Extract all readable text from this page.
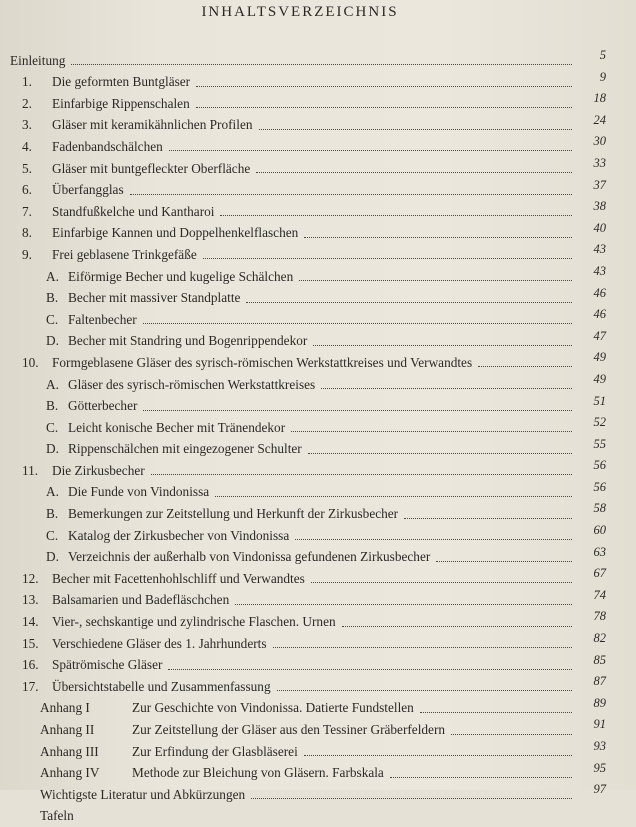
INHALTSVERZEICHNIS
Einleitung	5
1.	Die geformten Buntgläser	9
2.	Einfarbige Rippenschalen	18
3.	Gläser mit keramikähnlichen Profilen	24
4.	Fadenbandschälchen	30
5.	Gläser mit buntgefleckter Oberfläche	33
6.	Überfangglas	37
7.	Standfußkelche und Kantharoi	38
8.	Einfarbige Kannen und Doppelhenkelflaschen	40
9.	Frei geblasene Trinkgefäße	43
A. Eiförmige Becher und kugelige Schälchen	43
B. Becher mit massiver Standplatte	46
C. Faltenbecher	46
D. Becher mit Standring und Bogenrippendekor	47
10.	Formgeblasene Gläser des syrisch-römischen Werkstattkreises und Verwandtes	49
A. Gläser des syrisch-römischen Werkstattkreises	49
B. Götterbecher	51
C. Leicht konische Becher mit Tränendekor	52
D. Rippenschälchen mit eingezogener Schulter	55
11.	Die Zirkusbecher	56
A. Die Funde von Vindonissa	56
B. Bemerkungen zur Zeitstellung und Herkunft der Zirkusbecher	58
C. Katalog der Zirkusbecher von Vindonissa	60
D. Verzeichnis der außerhalb von Vindonissa gefundenen Zirkusbecher	63
12.	Becher mit Facettenhohlschliff und Verwandtes	67
13.	Balsamarien und Badefläschchen	74
14.	Vier-, sechskantige und zylindrische Flaschen. Urnen	78
15.	Verschiedene Gläser des 1. Jahrhunderts	82
16.	Spätrömische Gläser	85
17.	Übersichtstabelle und Zusammenfassung	87
Anhang I	Zur Geschichte von Vindonissa. Datierte Fundstellen	89
Anhang II	Zur Zeitstellung der Gläser aus den Tessiner Gräberfeldern	91
Anhang III	Zur Erfindung der Glasbläserei	93
Anhang IV	Methode zur Bleichung von Gläsern. Farbskala	95
Wichtigste Literatur und Abkürzungen	97
Tafeln
